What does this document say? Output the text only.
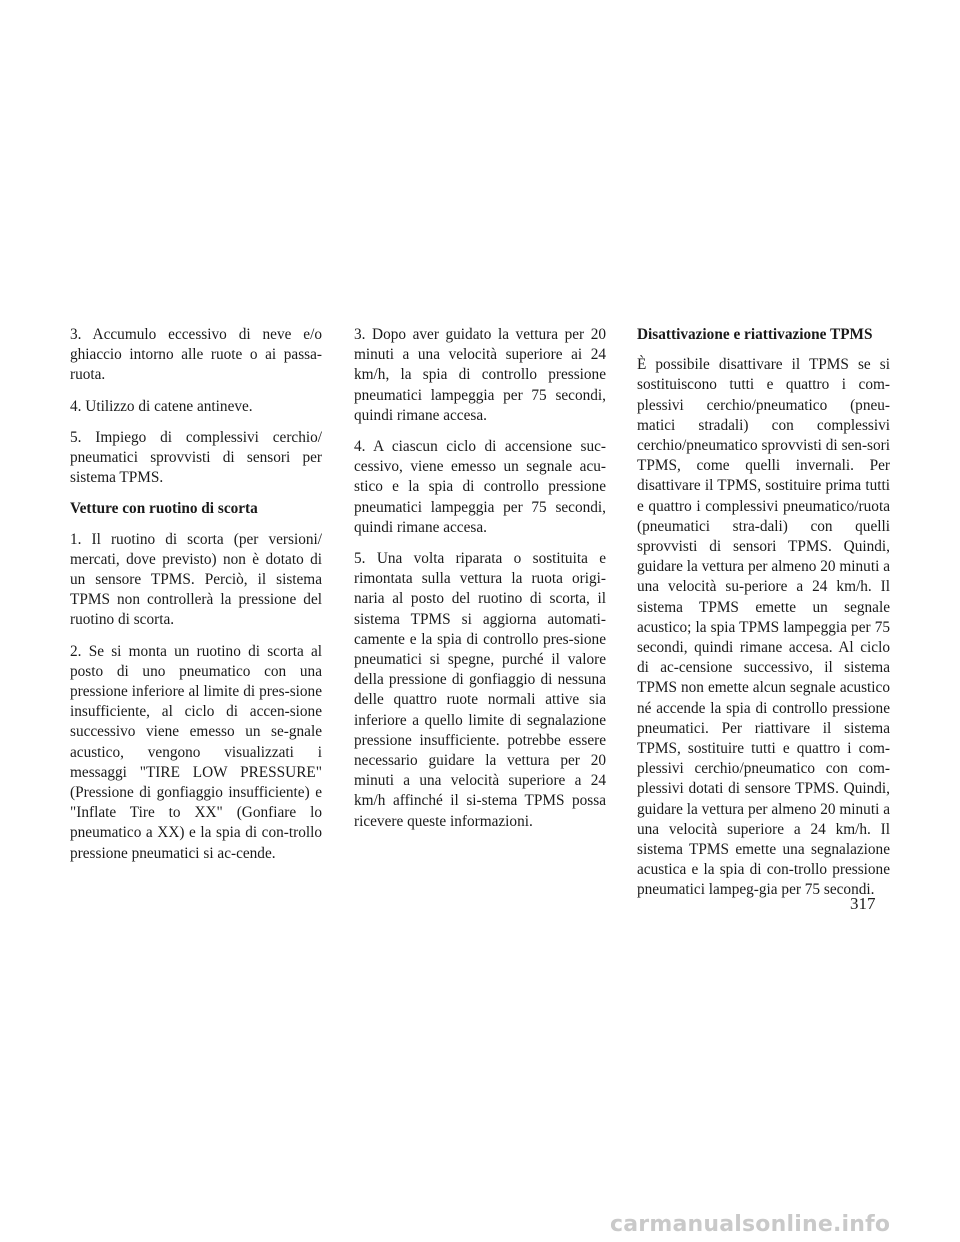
3. Accumulo eccessivo di neve e/o ghiaccio intorno alle ruote o ai passa-ruota.

4. Utilizzo di catene antineve.

5. Impiego di complessivi cerchio/ pneumatici sprovvisti di sensori per sistema TPMS.

Vetture con ruotino di scorta

1. Il ruotino di scorta (per versioni/ mercati, dove previsto) non è dotato di un sensore TPMS. Perciò, il sistema TPMS non controllerà la pressione del ruotino di scorta.

2. Se si monta un ruotino di scorta al posto di uno pneumatico con una pressione inferiore al limite di pres-sione insufficiente, al ciclo di accen-sione successivo viene emesso un se-gnale acustico, vengono visualizzati i messaggi "TIRE LOW PRESSURE" (Pressione di gonfiaggio insufficiente) e "Inflate Tire to XX" (Gonfiare lo pneumatico a XX) e la spia di con-trollo pressione pneumatici si ac-cende.

3. Dopo aver guidato la vettura per 20 minuti a una velocità superiore ai 24 km/h, la spia di controllo pressione pneumatici lampeggia per 75 secondi, quindi rimane accesa.

4. A ciascun ciclo di accensione suc-cessivo, viene emesso un segnale acu-stico e la spia di controllo pressione pneumatici lampeggia per 75 secondi, quindi rimane accesa.

5. Una volta riparata o sostituita e rimontata sulla vettura la ruota origi-naria al posto del ruotino di scorta, il sistema TPMS si aggiorna automati-camente e la spia di controllo pres-sione pneumatici si spegne, purché il valore della pressione di gonfiaggio di nessuna delle quattro ruote normali attive sia inferiore a quello limite di segnalazione pressione insufficiente. potrebbe essere necessario guidare la vettura per 20 minuti a una velocità superiore a 24 km/h affinché il si-stema TPMS possa ricevere queste informazioni.

Disattivazione e riattivazione TPMS

È possibile disattivare il TPMS se si sostituiscono tutti e quattro i com-plessivi cerchio/pneumatico (pneu-matici stradali) con complessivi cerchio/pneumatico sprovvisti di sen-sori TPMS, come quelli invernali. Per disattivare il TPMS, sostituire prima tutti e quattro i complessivi pneumatico/ruota (pneumatici stra-dali) con quelli sprovvisti di sensori TPMS. Quindi, guidare la vettura per almeno 20 minuti a una velocità su-periore a 24 km/h. Il sistema TPMS emette un segnale acustico; la spia TPMS lampeggia per 75 secondi, quindi rimane accesa. Al ciclo di ac-censione successivo, il sistema TPMS non emette alcun segnale acustico né accende la spia di controllo pressione pneumatici. Per riattivare il sistema TPMS, sostituire tutti e quattro i com-plessivi cerchio/pneumatico con com-plessivi dotati di sensore TPMS. Quindi, guidare la vettura per almeno 20 minuti a una velocità superiore a 24 km/h. Il sistema TPMS emette una segnalazione acustica e la spia di con-trollo pressione pneumatici lampeg-gia per 75 secondi.

317
carmanualsonline.info
